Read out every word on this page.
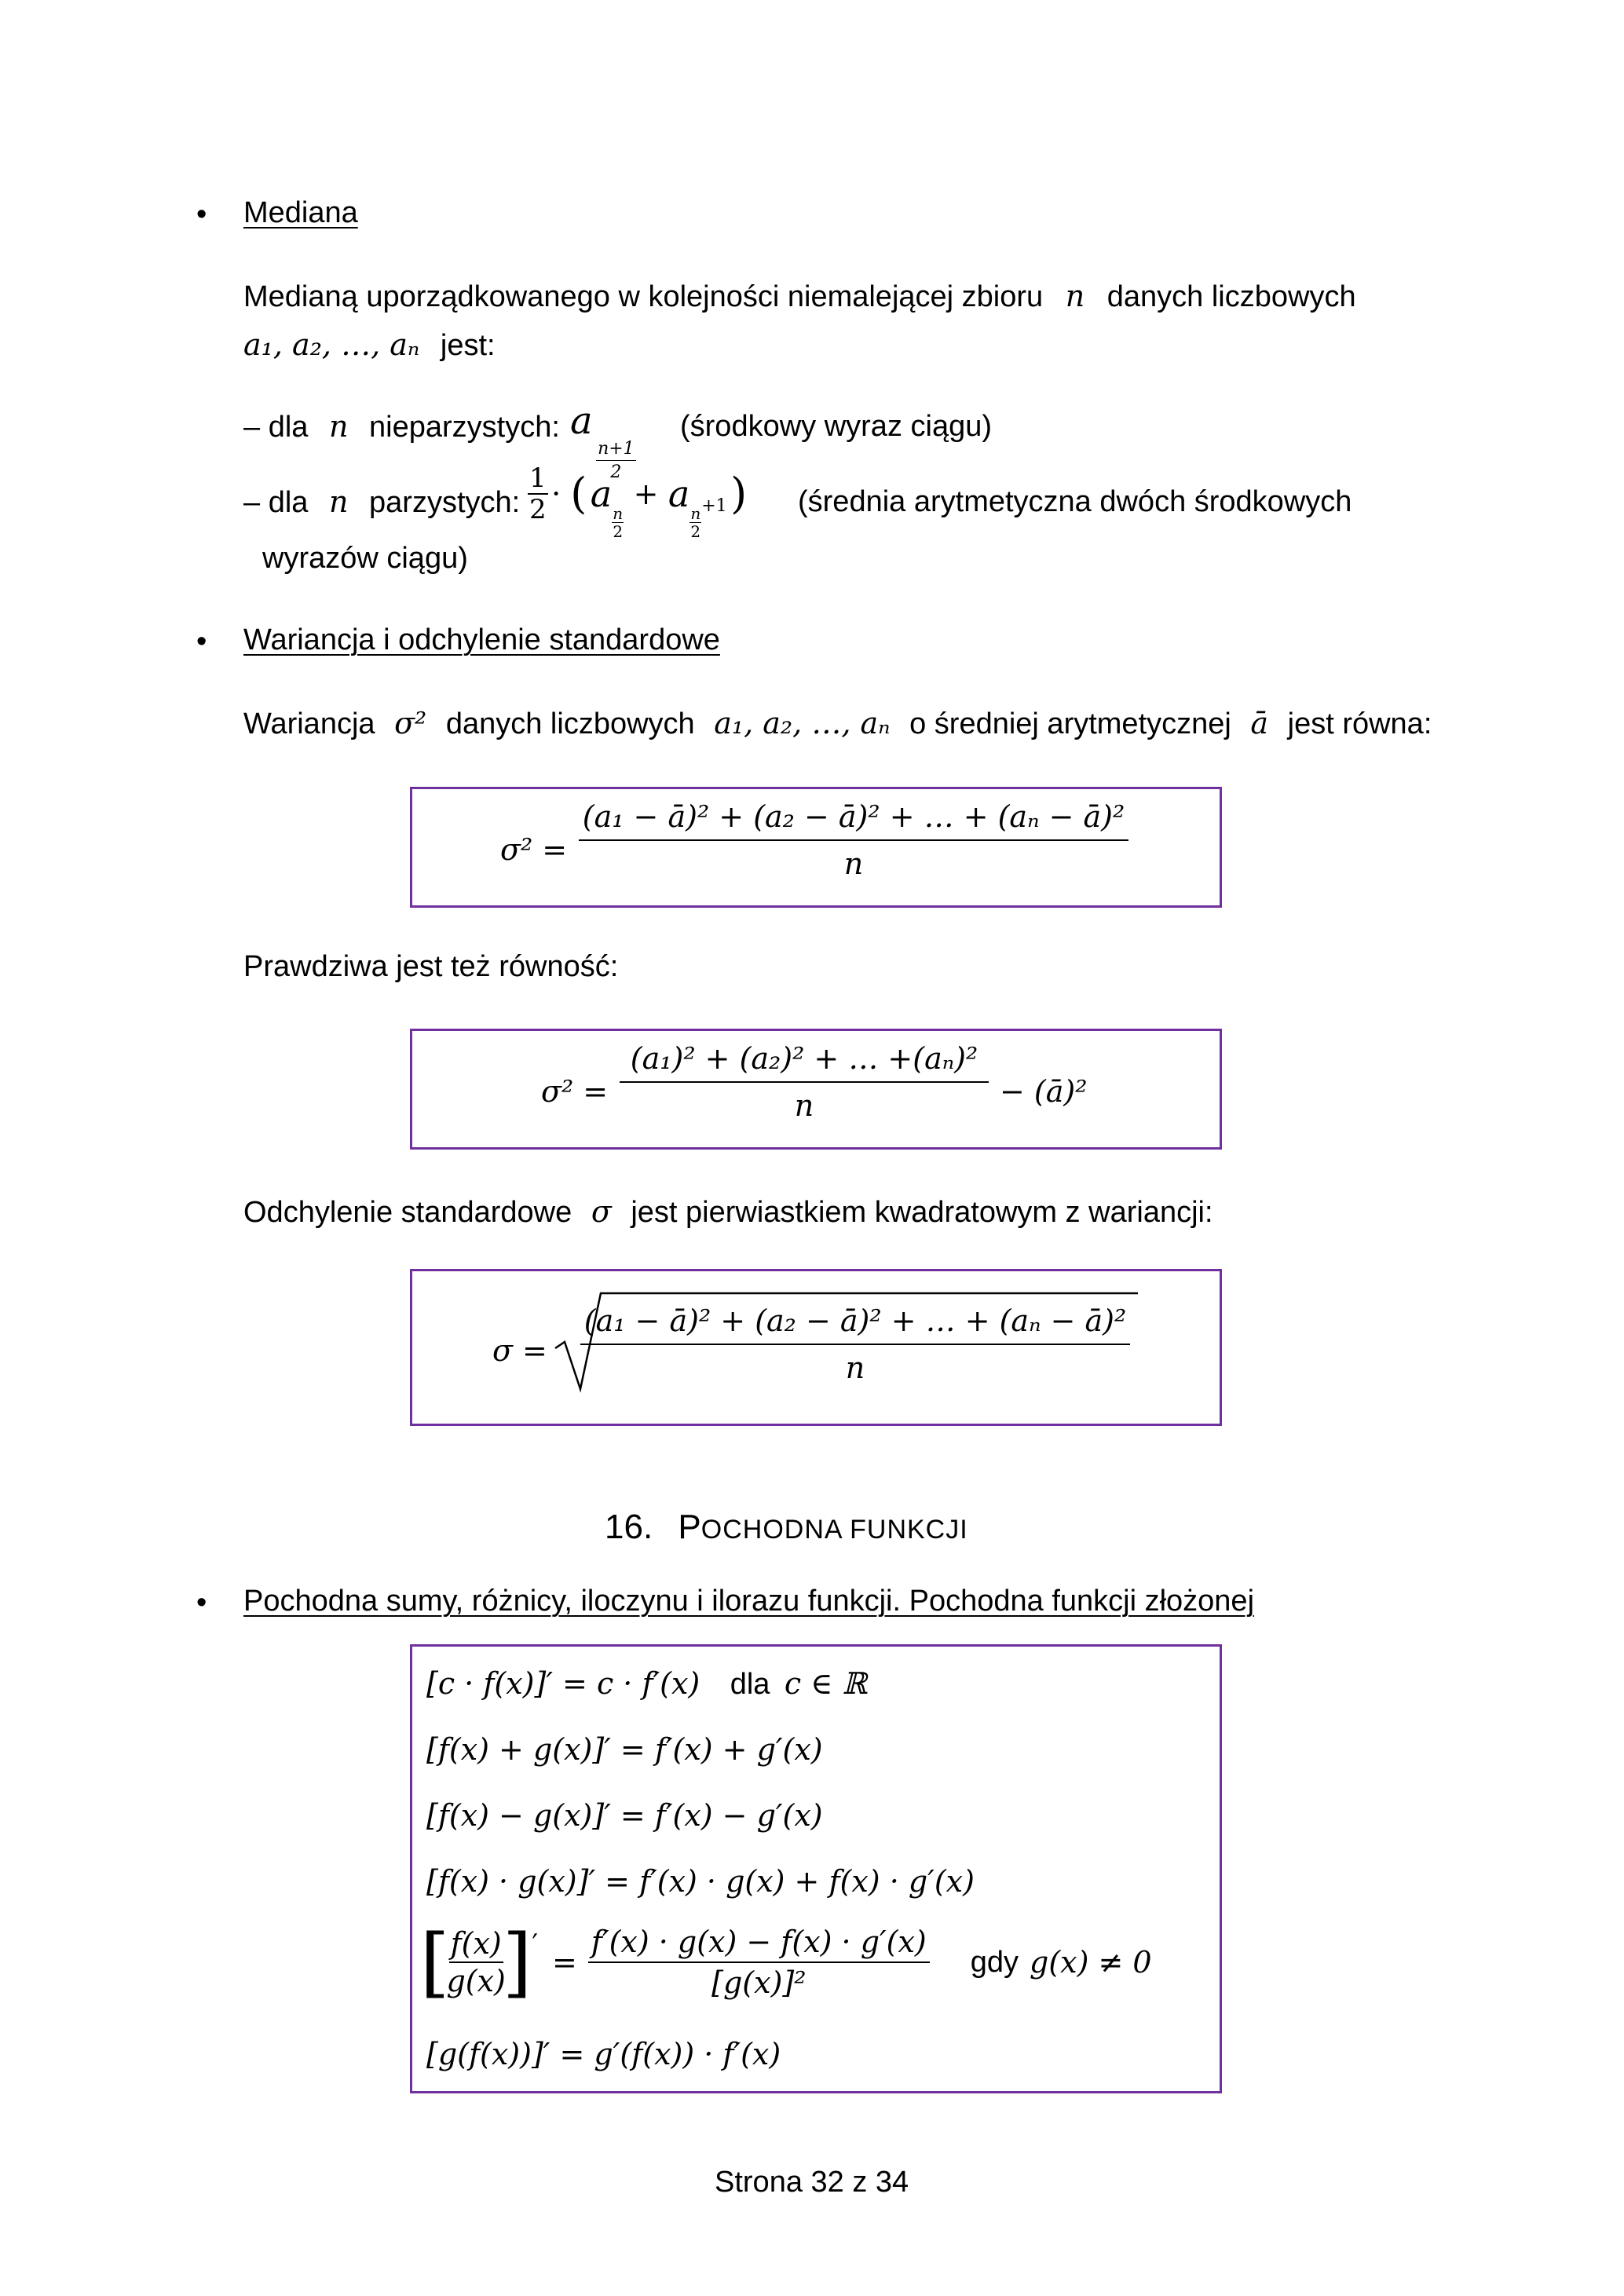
• Mediana
Medianą uporządkowanego w kolejności niemalejącej zbioru n danych liczbowych
a₁, a₂, …, aₙ jest:
– dla n nieparzystych: a
$\frac{n+1}{2}$
(środkowy wyraz ciągu)
– dla n parzystych: $\frac{1}{2}$ · ( a
$\frac{n}{2}$
+ a
$\frac{n}{2} +1$ ) (średnia arytmetyczna dwóch środkowych
wyrazów ciągu)
• Wariancja i odchylenie standardowe
Wariancja σ² danych liczbowych a₁, a₂, …, aₙ o średniej arytmetycznej ā jest równa:
σ² =
(a₁ − ā)² + (a₂ − ā)² + … + (aₙ − ā)²
n
Prawdziwa jest też równość:
σ² =
(a₁)² + (a₂)² + … +(aₙ)²
n	− (ā)²
Odchylenie standardowe σ jest pierwiastkiem kwadratowym z wariancji:
σ =
(a₁ − ā)² + (a₂ − ā)² + … + (aₙ − ā)²
n
16. POCHODNA FUNKCJI
• Pochodna sumy, różnicy, iloczynu i ilorazu funkcji. Pochodna funkcji złożonej
[c · f(x)]′ = c · f′(x) dla c ∈ ℝ
[f(x) + g(x)]′ = f′(x) + g′(x)
[f(x) − g(x)]′ = f′(x) − g′(x)
[f(x) · g(x)]′ = f′(x) · g(x) + f(x) · g′(x)
[
$\frac{f(x)}{g(x)}$
] ′
= $\frac{f'(x) \cdot g(x) - f(x) \cdot g'(x)}{\text{[g(x)]²}}$ gdy g(x) ≠ 0
[g(f(x))]′ = g′(f(x)) · f′(x)
Strona 32 z 34
